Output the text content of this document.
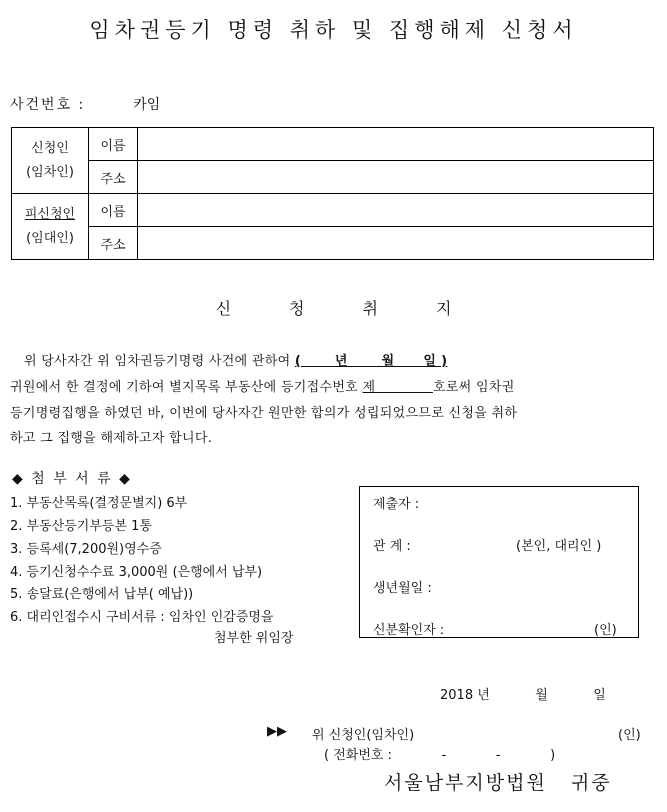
임차권등기 명령 취하 및 집행해제 신청서
사건번호 :	카임
신청인
(임차인)	이름	
	주소	

피신청인
(임대인)	이름	
	주소	
신	청	취	지
위 당사자간 위 임차권등기명령 사건에 관하여 (       년       월      일 )
귀원에서 한 결정에 기하여 별지목록 부동산에 등기접수번호 제             호로써 임차권
등기명령집행을 하였던 바, 이번에 당사자간 원만한 합의가 성립되었으므로 신청을 취하
하고 그 집행을 해제하고자 합니다.
◆ 첨 부 서 류 ◆
1. 부동산목록(결정문별지) 6부
2. 부동산등기부등본 1통
3. 등록세(7,200원)영수증
4. 등기신청수수료 3,000원 (은행에서 납부)
5. 송달료(은행에서 납부( 예납))
6. 대리인접수시 구비서류 : 임차인 인감증명을
첨부한 위임장
제출자 :
관 계 :	(본인, 대리인 )
생년월일 :
신분확인자 :	(인)
2018 년           월           일
▶▶ 위 신청인(임차인)	(인)
( 전화번호 :            -            -            )
서울남부지방법원   귀중
